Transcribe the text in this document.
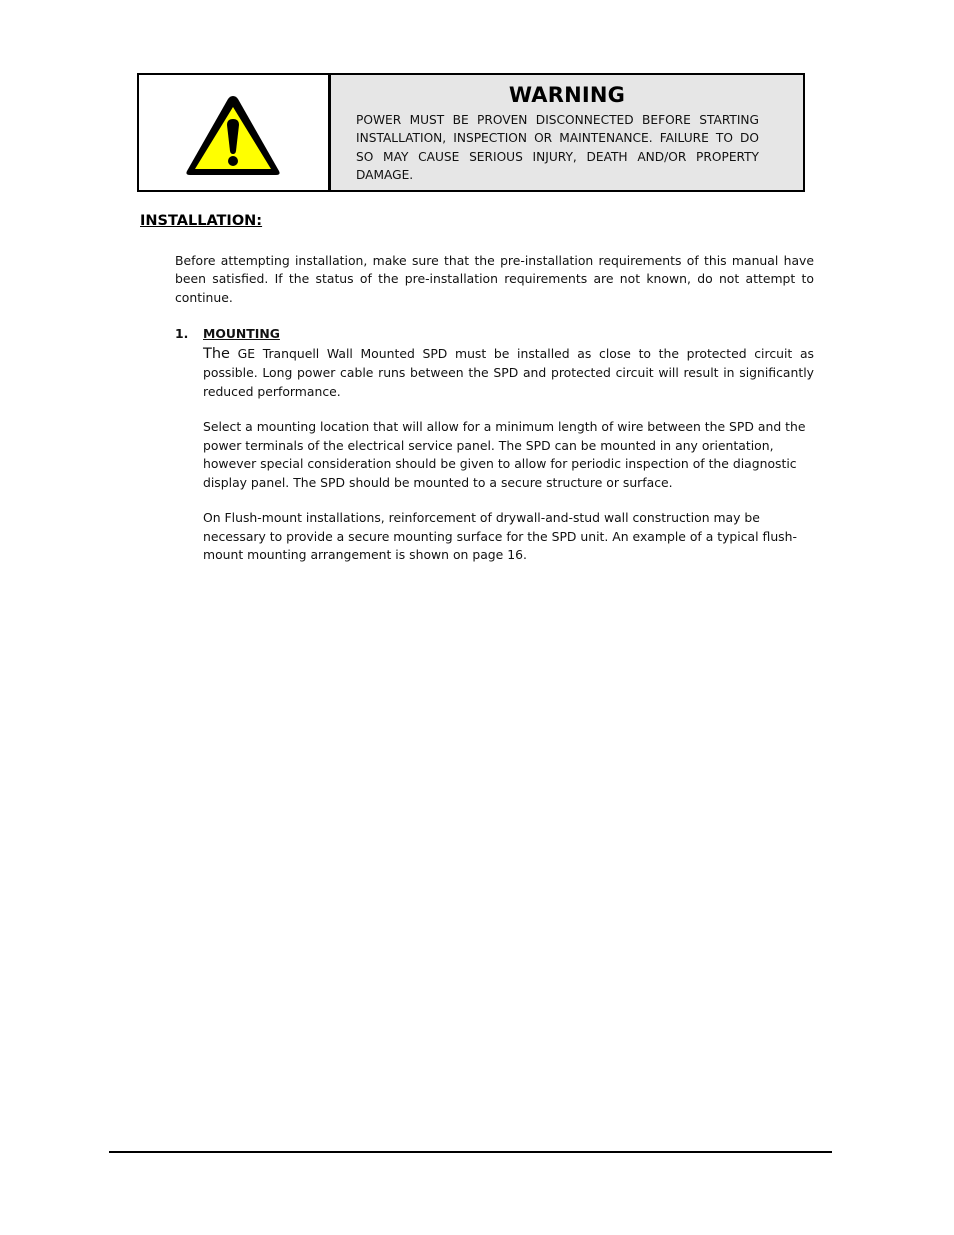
WARNING
POWER MUST BE PROVEN DISCONNECTED BEFORE STARTING INSTALLATION, INSPECTION OR MAINTENANCE. FAILURE TO DO SO MAY CAUSE SERIOUS INJURY, DEATH AND/OR PROPERTY DAMAGE.
INSTALLATION:
Before attempting installation, make sure that the pre-installation requirements of this manual have been satisfied. If the status of the pre-installation requirements are not known, do not attempt to continue.
1. MOUNTING
The GE Tranquell Wall Mounted SPD must be installed as close to the protected circuit as possible. Long power cable runs between the SPD and protected circuit will result in significantly reduced performance.
Select a mounting location that will allow for a minimum length of wire between the SPD and the power terminals of the electrical service panel. The SPD can be mounted in any orientation, however special consideration should be given to allow for periodic inspection of the diagnostic display panel. The SPD should be mounted to a secure structure or surface.
On Flush-mount installations, reinforcement of drywall-and-stud wall construction may be necessary to provide a secure mounting surface for the SPD unit. An example of a typical flush-mount mounting arrangement is shown on page 16.
